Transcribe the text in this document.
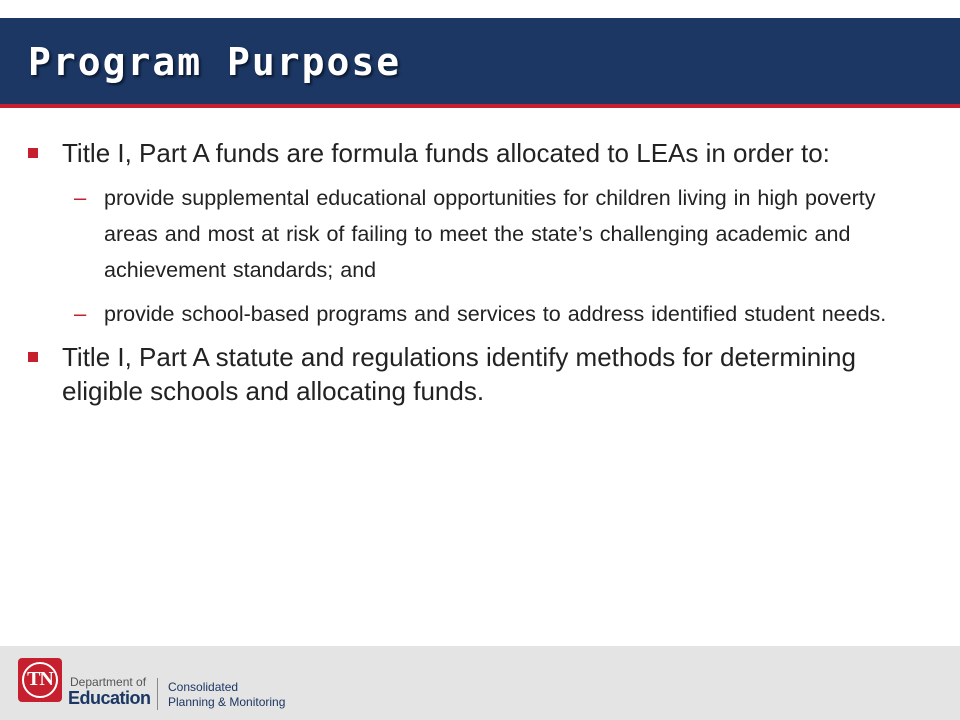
Program Purpose
Title I, Part A funds are formula funds allocated to LEAs in order to:
– provide supplemental educational opportunities for children living in high poverty areas and most at risk of failing to meet the state’s challenging academic and achievement standards; and
– provide school-based programs and services to address identified student needs.
Title I, Part A statute and regulations identify methods for determining eligible schools and allocating funds.
TN	Department of
Education
Consolidated
Planning & Monitoring
